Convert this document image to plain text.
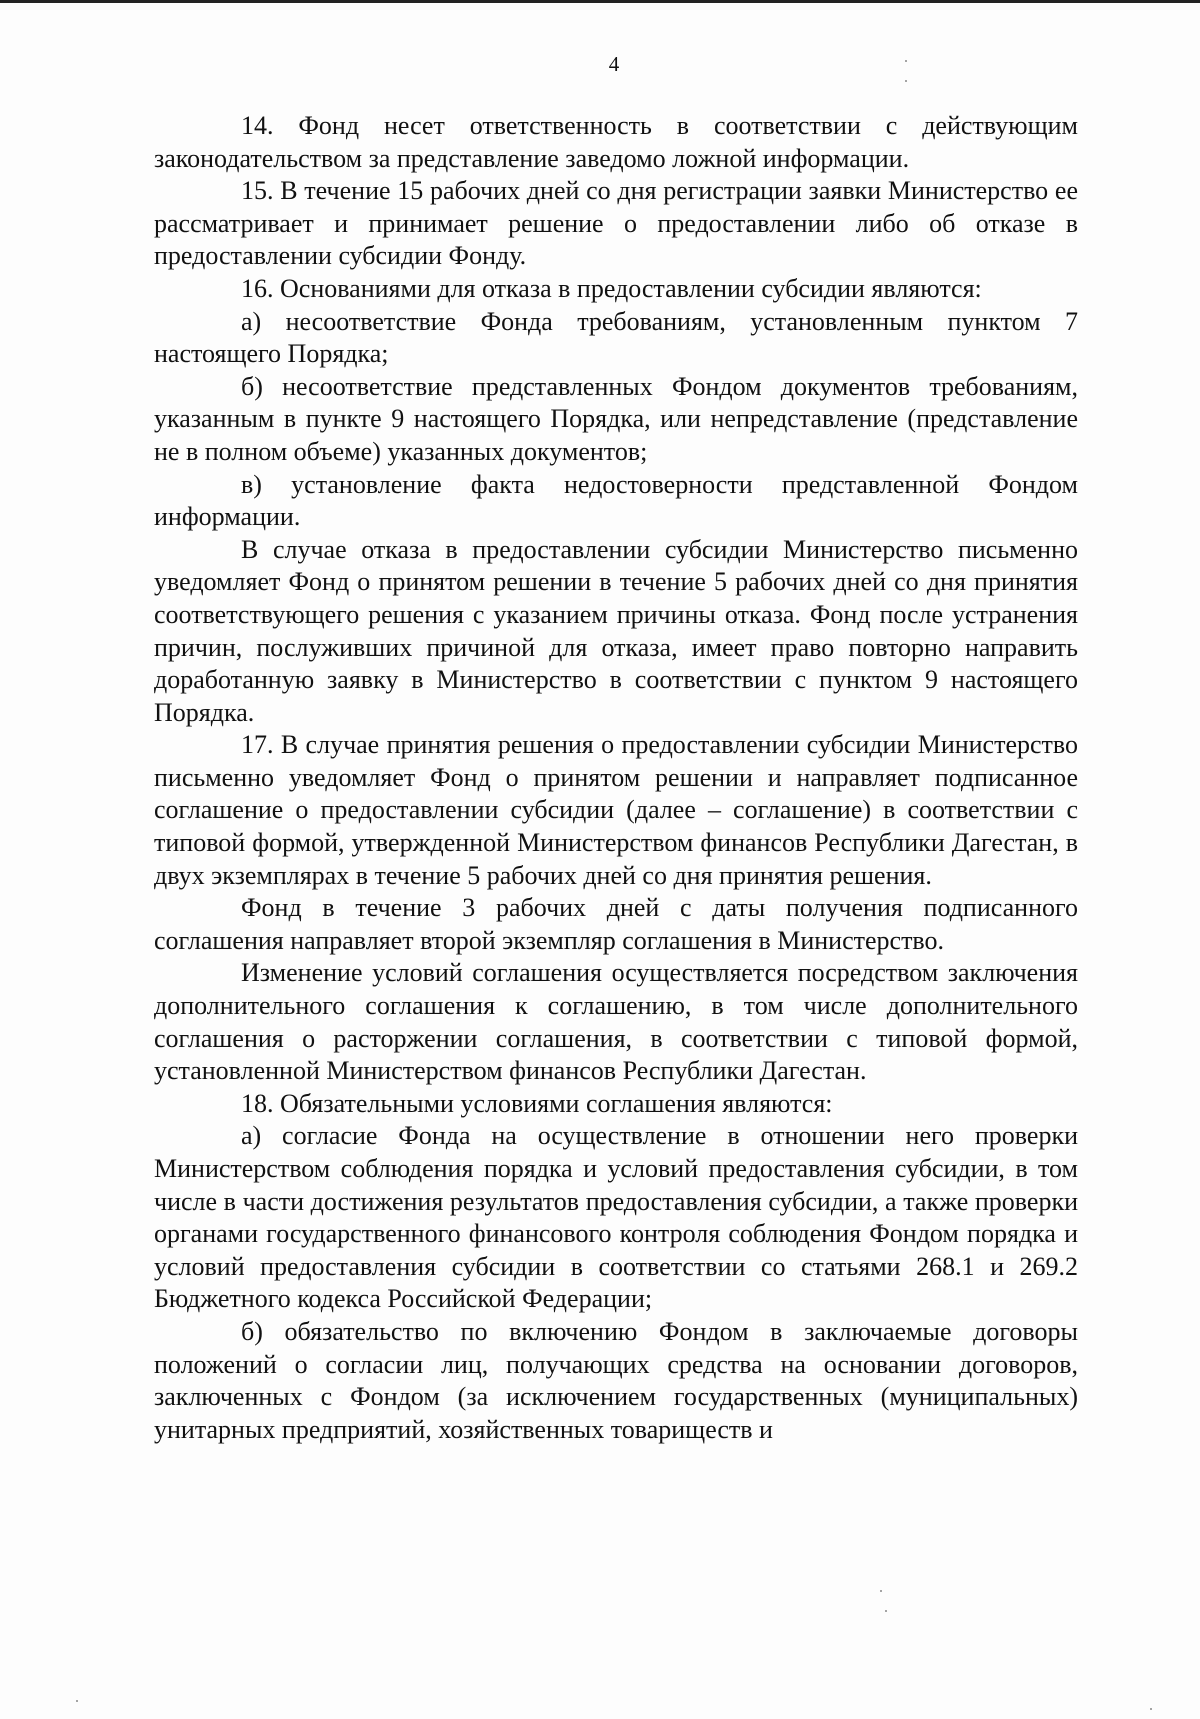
4

14. Фонд несет ответственность в соответствии с действующим законодательством за представление заведомо ложной информации.

15. В течение 15 рабочих дней со дня регистрации заявки Министерство ее рассматривает и принимает решение о предоставлении либо об отказе в предоставлении субсидии Фонду.

16. Основаниями для отказа в предоставлении субсидии являются:

а) несоответствие Фонда требованиям, установленным пунктом 7 настоящего Порядка;

б) несоответствие представленных Фондом документов требованиям, указанным в пункте 9 настоящего Порядка, или непредставление (представление не в полном объеме) указанных документов;

в) установление факта недостоверности представленной Фондом информации.

В случае отказа в предоставлении субсидии Министерство письменно уведомляет Фонд о принятом решении в течение 5 рабочих дней со дня принятия соответствующего решения с указанием причины отказа. Фонд после устранения причин, послуживших причиной для отказа, имеет право повторно направить доработанную заявку в Министерство в соответствии с пунктом 9 настоящего Порядка.

17. В случае принятия решения о предоставлении субсидии Министерство письменно уведомляет Фонд о принятом решении и направляет подписанное соглашение о предоставлении субсидии (далее – соглашение) в соответствии с типовой формой, утвержденной Министерством финансов Республики Дагестан, в двух экземплярах в течение 5 рабочих дней со дня принятия решения.

Фонд в течение 3 рабочих дней с даты получения подписанного соглашения направляет второй экземпляр соглашения в Министерство.

Изменение условий соглашения осуществляется посредством заключения дополнительного соглашения к соглашению, в том числе дополнительного соглашения о расторжении соглашения, в соответствии с типовой формой, установленной Министерством финансов Республики Дагестан.

18. Обязательными условиями соглашения являются:

а) согласие Фонда на осуществление в отношении него проверки Министерством соблюдения порядка и условий предоставления субсидии, в том числе в части достижения результатов предоставления субсидии, а также проверки органами государственного финансового контроля соблюдения Фондом порядка и условий предоставления субсидии в соответствии со статьями 268.1 и 269.2 Бюджетного кодекса Российской Федерации;

б) обязательство по включению Фондом в заключаемые договоры положений о согласии лиц, получающих средства на основании договоров, заключенных с Фондом (за исключением государственных (муниципальных) унитарных предприятий, хозяйственных товариществ и
